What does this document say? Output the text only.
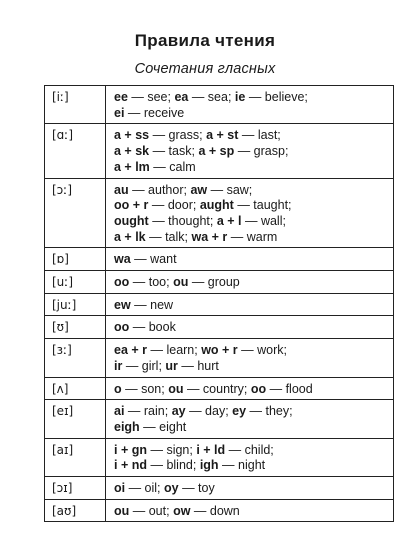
Правила чтения
Сочетания гласных
[iː]	ee — see; ea — sea; ie — believe;
ei — receive

[ɑː]	a + ss — grass; a + st — last;
a + sk — task; a + sp — grasp;
a + lm — calm

[ɔː]	au — author; aw — saw;
oo + r — door; aught — taught;
ought — thought; a + l — wall;
a + lk — talk; wa + r — warm

[ɒ]	wa — want

[uː]	oo — too; ou — group

[juː]	ew — new

[ʊ]	oo — book

[ɜː]	ea + r — learn; wo + r — work;
ir — girl; ur — hurt

[ʌ]	o — son; ou — country; oo — flood

[eɪ]	ai — rain; ay — day; ey — they;
eigh — eight

[aɪ]	i + gn — sign; i + ld — child;
i + nd — blind; igh — night

[ɔɪ]	oi — oil; oy — toy

[aʊ]	ou — out; ow — down
